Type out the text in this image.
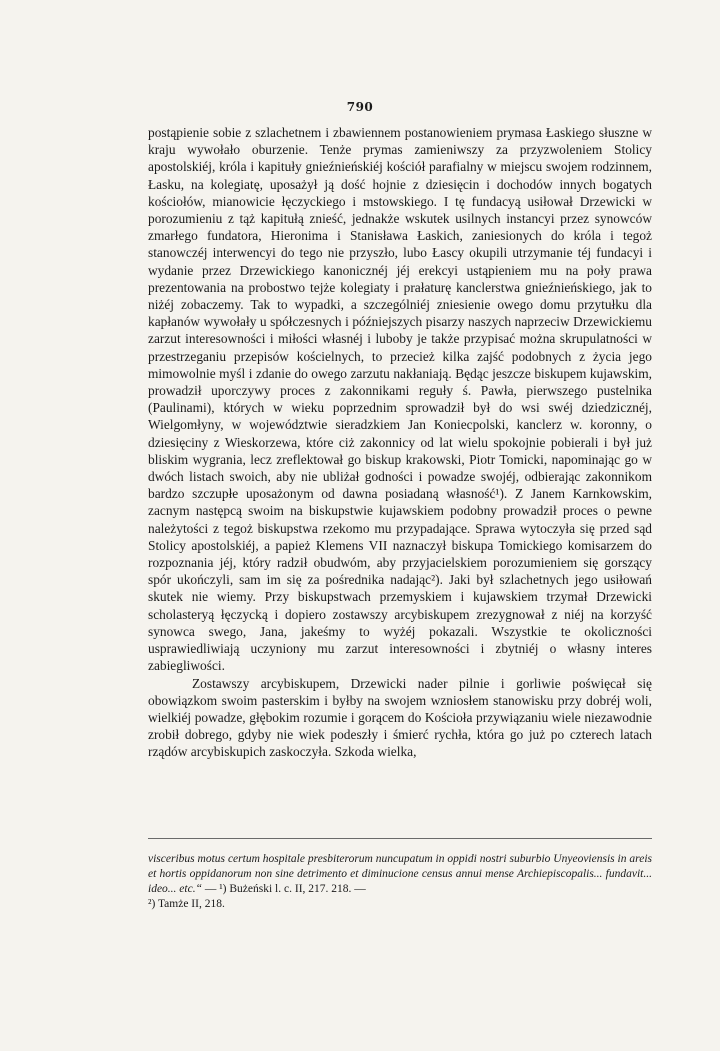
790

postąpienie sobie z szlachetnem i zbawiennem postanowieniem prymasa Łaskiego słuszne w kraju wywołało oburzenie. Tenże prymas zamieniwszy za przyzwoleniem Stolicy apostolskiéj, króla i kapituły gnieźnieńskiéj kościół parafialny w miejscu swojem rodzinnem, Łasku, na kolegiatę, uposażył ją dość hojnie z dziesięcin i dochodów innych bogatych kościołów, mianowicie łęczyckiego i mstowskiego. I tę fundacyą usiłował Drzewicki w porozumieniu z tąż kapitułą znieść, jednakże wskutek usilnych instancyi przez synowców zmarłego fundatora, Hieronima i Stanisława Łaskich, zaniesionych do króla i tegoż stanowczéj interwencyi do tego nie przyszło, lubo Łascy okupili utrzymanie téj fundacyi i wydanie przez Drzewickiego kanonicznéj jéj erekcyi ustąpieniem mu na poły prawa prezentowania na probostwo tejże kolegiaty i prałaturę kanclerstwa gnieźnieńskiego, jak to niżéj zobaczemy. Tak to wypadki, a szczególniéj zniesienie owego domu przytułku dla kapłanów wywołały u spółczesnych i późniejszych pisarzy naszych naprzeciw Drzewickiemu zarzut interesowności i miłości własnéj i luboby je także przypisać można skrupulatności w przestrzeganiu przepisów kościelnych, to przecież kilka zajść podobnych z życia jego mimowolnie myśl i zdanie do owego zarzutu nakłaniają. Będąc jeszcze biskupem kujawskim, prowadził uporczywy proces z zakonnikami reguły ś. Pawła, pierwszego pustelnika (Paulinami), których w wieku poprzednim sprowadził był do wsi swéj dziedzicznéj, Wielgomłyny, w województwie sieradzkiem Jan Koniecpolski, kanclerz w. koronny, o dziesięciny z Wieskorzewa, które ciż zakonnicy od lat wielu spokojnie pobierali i był już bliskim wygrania, lecz zreflektował go biskup krakowski, Piotr Tomicki, napominając go w dwóch listach swoich, aby nie ubliżał godności i powadze swojéj, odbierając zakonnikom bardzo szczupłe uposażonym od dawna posiadaną własność¹). Z Janem Karnkowskim, zacnym następcą swoim na biskupstwie kujawskiem podobny prowadził proces o pewne należytości z tegoż biskupstwa rzekomo mu przypadające. Sprawa wytoczyła się przed sąd Stolicy apostolskiéj, a papież Klemens VII naznaczył biskupa Tomickiego komisarzem do rozpoznania jéj, który radził obudwóm, aby przyjacielskiem porozumieniem się gorszący spór ukończyli, sam im się za pośrednika nadając²). Jaki był szlachetnych jego usiłowań skutek nie wiemy. Przy biskupstwach przemyskiem i kujawskiem trzymał Drzewicki scholasteryą łęczycką i dopiero zostawszy arcybiskupem zrezygnował z niéj na korzyść synowca swego, Jana, jakeśmy to wyżéj pokazali. Wszystkie te okoliczności usprawiedliwiają uczyniony mu zarzut interesowności i zbytniéj o własny interes zabiegliwości.

Zostawszy arcybiskupem, Drzewicki nader pilnie i gorliwie poświęcał się obowiązkom swoim pasterskim i byłby na swojem wzniosłem stanowisku przy dobréj woli, wielkiéj powadze, głębokim rozumie i gorącem do Kościoła przywiązaniu wiele niezawodnie zrobił dobrego, gdyby nie wiek podeszły i śmierć rychła, która go już po czterech latach rządów arcybiskupich zaskoczyła. Szkoda wielka,

visceribus motus certum hospitale presbiterorum nuncupatum in oppidi nostri suburbio Unyeoviensis in areis et hortis oppidanorum non sine detrimento et diminucione census annui mense Archiepiscopalis... fundavit... ideo... etc.“ — ¹) Bużeński l. c. II, 217. 218. —

²) Tamże II, 218.
